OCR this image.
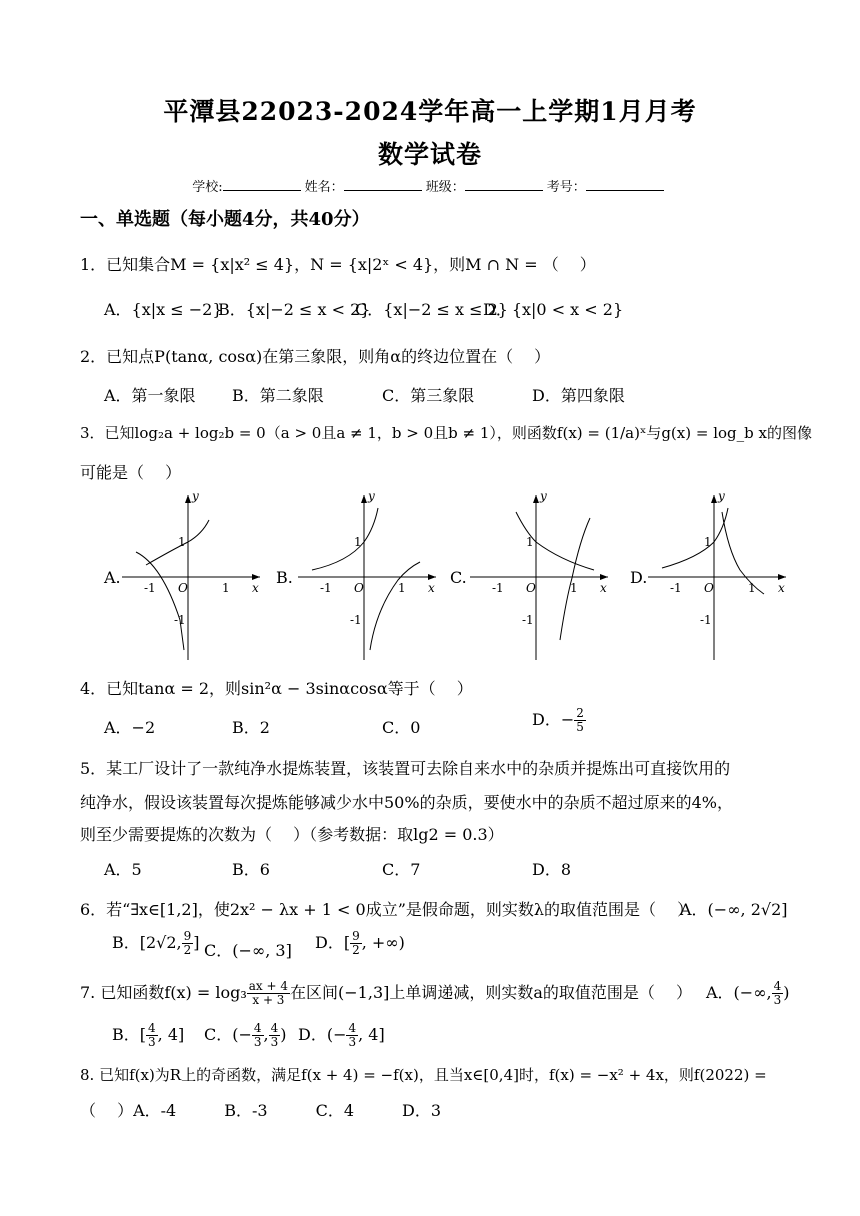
平潭县22023-2024学年高一上学期1月月考
数学试卷
学校:	姓名：	班级：	考号：
一、单选题（每小题4分，共40分）
1．已知集合M = {x|x² ≤ 4}，N = {x|2ˣ < 4}，则M ∩ N = （　 ）
A．{x|x ≤ −2}
B．{x|−2 ≤ x < 2}
C．{x|−2 ≤ x ≤ 2}
D．{x|0 < x < 2}
2．已知点P(tanα, cosα)在第三象限，则角α的终边位置在（　 ）
A．第一象限 B．第二象限	C．第三象限	D．第四象限
3．已知log₂a + log₂b = 0（a > 0且a ≠ 1，b > 0且b ≠ 1），则函数f(x) = (1/a)ˣ与g(x) = log_b x的图像
可能是（　 ）
A.	B.	C.	D.
y
x
-1	1
O
1
-1
y
x
-1	1
O
1
-1
y
x
-1	1
O
1
-1
y
x
-1	1
O
1
-1
4．已知tanα = 2，则sin²α − 3sinαcosα等于（　 ）
A．−2	B．2	C．0	D．− $\frac{2}{5}$
5．某工厂设计了一款纯净水提炼装置，该装置可去除自来水中的杂质并提炼出可直接饮用的
纯净水，假设该装置每次提炼能够减少水中50%的杂质，要使水中的杂质不超过原来的4%，
则至少需要提炼的次数为（　 ）（参考数据：取lg2 = 0.3）
A．5	B．6	C．7	D．8
6．若“∃x∈[1,2]，使2x² − λx + 1 < 0成立”是假命题，则实数λ的取值范围是（　 ）
A．(−∞, 2√2]
B．[2√2, $\frac{9}{2}$ ] C．(−∞, 3] D．[ $\frac{9}{2}$ , +∞)
7. 已知函数$f(x) = \log_3 \frac{ax + 4}{x + 3}$ 在区间(−1,3]上单调递减，则实数a的取值范围是（　 ） A．(−∞, $\frac{4}{3}$ )
B．[ $\frac{4}{3}$ , 4] C．(− $\frac{4}{3}$ , $\frac{4}{3}$ ) D．(− $\frac{4}{3}$ , 4]
8. 已知f(x)为R上的奇函数，满足f(x + 4) = −f(x)，且当x∈[0,4]时，f(x) = −x² + 4x，则f(2022) =
（　 ）A．-4　　　B．-3　　　C．4　　　D．3
